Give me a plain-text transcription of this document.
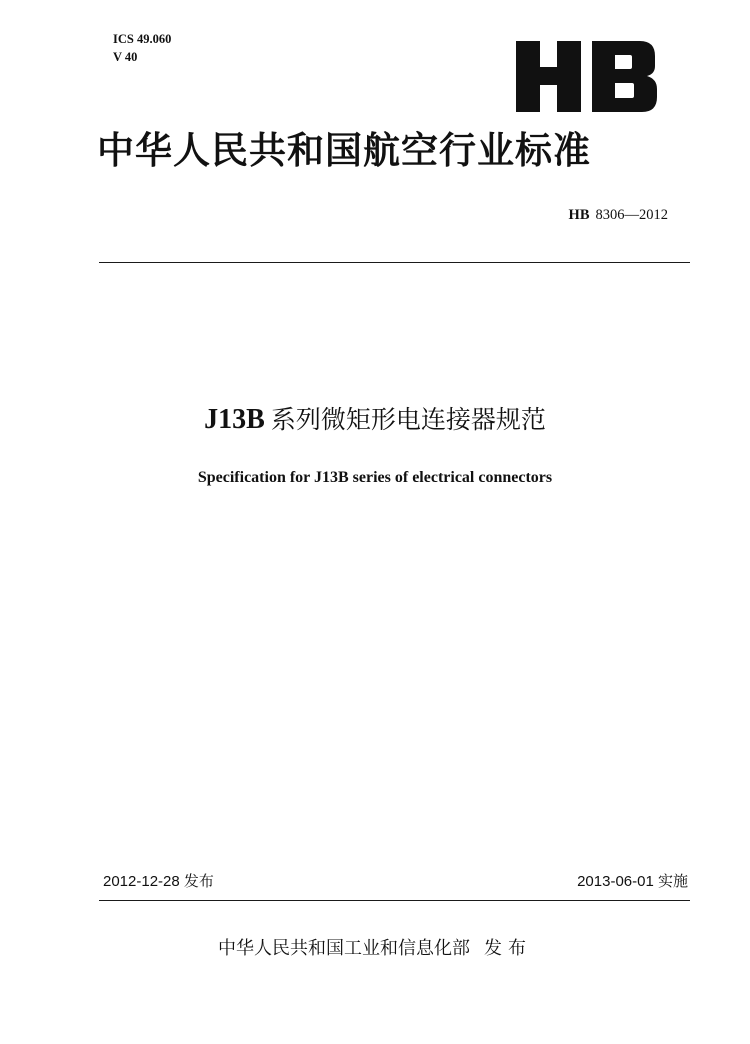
ICS 49.060
V 40
中华人民共和国航空行业标准
HB 8306—2012
J13B 系列微矩形电连接器规范
Specification for J13B series of electrical connectors
2012-12-28 发布	2013-06-01 实施
中华人民共和国工业和信息化部 发布
